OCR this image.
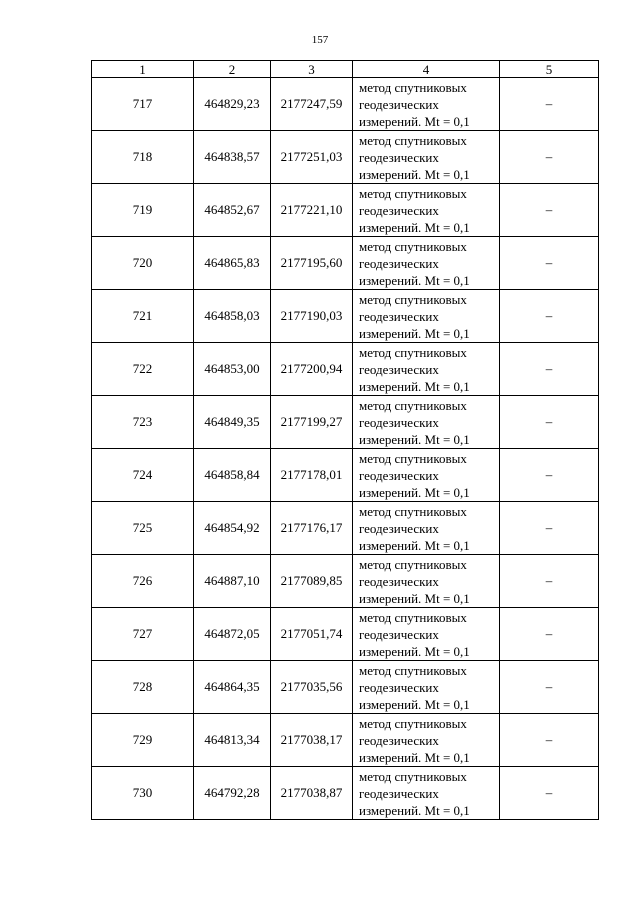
157
1	2	3	4	5
717	464829,23	2177247,59	метод спутниковых
геодезических
измерений. Mt = 0,1	–
718	464838,57	2177251,03	метод спутниковых
геодезических
измерений. Mt = 0,1	–
719	464852,67	2177221,10	метод спутниковых
геодезических
измерений. Mt = 0,1	–
720	464865,83	2177195,60	метод спутниковых
геодезических
измерений. Mt = 0,1	–
721	464858,03	2177190,03	метод спутниковых
геодезических
измерений. Mt = 0,1	–
722	464853,00	2177200,94	метод спутниковых
геодезических
измерений. Mt = 0,1	–
723	464849,35	2177199,27	метод спутниковых
геодезических
измерений. Mt = 0,1	–
724	464858,84	2177178,01	метод спутниковых
геодезических
измерений. Mt = 0,1	–
725	464854,92	2177176,17	метод спутниковых
геодезических
измерений. Mt = 0,1	–
726	464887,10	2177089,85	метод спутниковых
геодезических
измерений. Mt = 0,1	–
727	464872,05	2177051,74	метод спутниковых
геодезических
измерений. Mt = 0,1	–
728	464864,35	2177035,56	метод спутниковых
геодезических
измерений. Mt = 0,1	–
729	464813,34	2177038,17	метод спутниковых
геодезических
измерений. Mt = 0,1	–
730	464792,28	2177038,87	метод спутниковых
геодезических
измерений. Mt = 0,1	–
